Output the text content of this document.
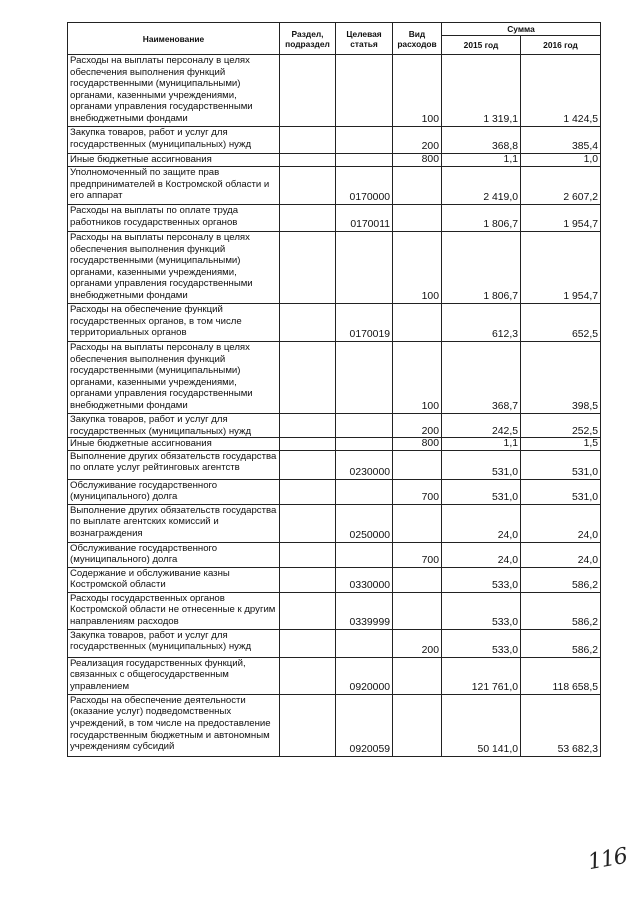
Наименование	Раздел, подраздел	Целевая статья	Вид расходов	Сумма	
				2015 год	2016 год
Расходы на выплаты персоналу в целях обеспечения выполнения функций государственными (муниципальными) органами, казенными учреждениями, органами управления государственными внебюджетными фондами			100	1 319,1	1 424,5
Закупка товаров, работ и услуг для государственных (муниципальных) нужд			200	368,8	385,4
Иные бюджетные ассигнования			800	1,1	1,0
Уполномоченный по защите прав предпринимателей в Костромской области и его аппарат		0170000		2 419,0	2 607,2
Расходы на выплаты по оплате труда работников государственных органов		0170011		1 806,7	1 954,7
Расходы на выплаты персоналу в целях обеспечения выполнения функций государственными (муниципальными) органами, казенными учреждениями, органами управления государственными внебюджетными фондами			100	1 806,7	1 954,7
Расходы на обеспечение функций государственных органов, в том числе территориальных органов		0170019		612,3	652,5
Расходы на выплаты персоналу в целях обеспечения выполнения функций государственными (муниципальными) органами, казенными учреждениями, органами управления государственными внебюджетными фондами			100	368,7	398,5
Закупка товаров, работ и услуг для государственных (муниципальных) нужд			200	242,5	252,5
Иные бюджетные ассигнования			800	1,1	1,5
Выполнение других обязательств государства по оплате услуг рейтинговых агентств		0230000		531,0	531,0
Обслуживание государственного (муниципального) долга			700	531,0	531,0
Выполнение других обязательств государства по выплате агентских комиссий и вознаграждения		0250000		24,0	24,0
Обслуживание государственного (муниципального) долга			700	24,0	24,0
Содержание и обслуживание казны Костромской области		0330000		533,0	586,2
Расходы государственных органов Костромской области не отнесенные к другим направлениям расходов		0339999		533,0	586,2
Закупка товаров, работ и услуг для государственных (муниципальных) нужд			200	533,0	586,2
Реализация государственных функций, связанных с общегосударственным управлением		0920000		121 761,0	118 658,5
Расходы на обеспечение деятельности (оказание услуг) подведомственных учреждений, в том числе на предоставление государственным бюджетным и автономным учреждениям субсидий		0920059		50 141,0	53 682,3
116
